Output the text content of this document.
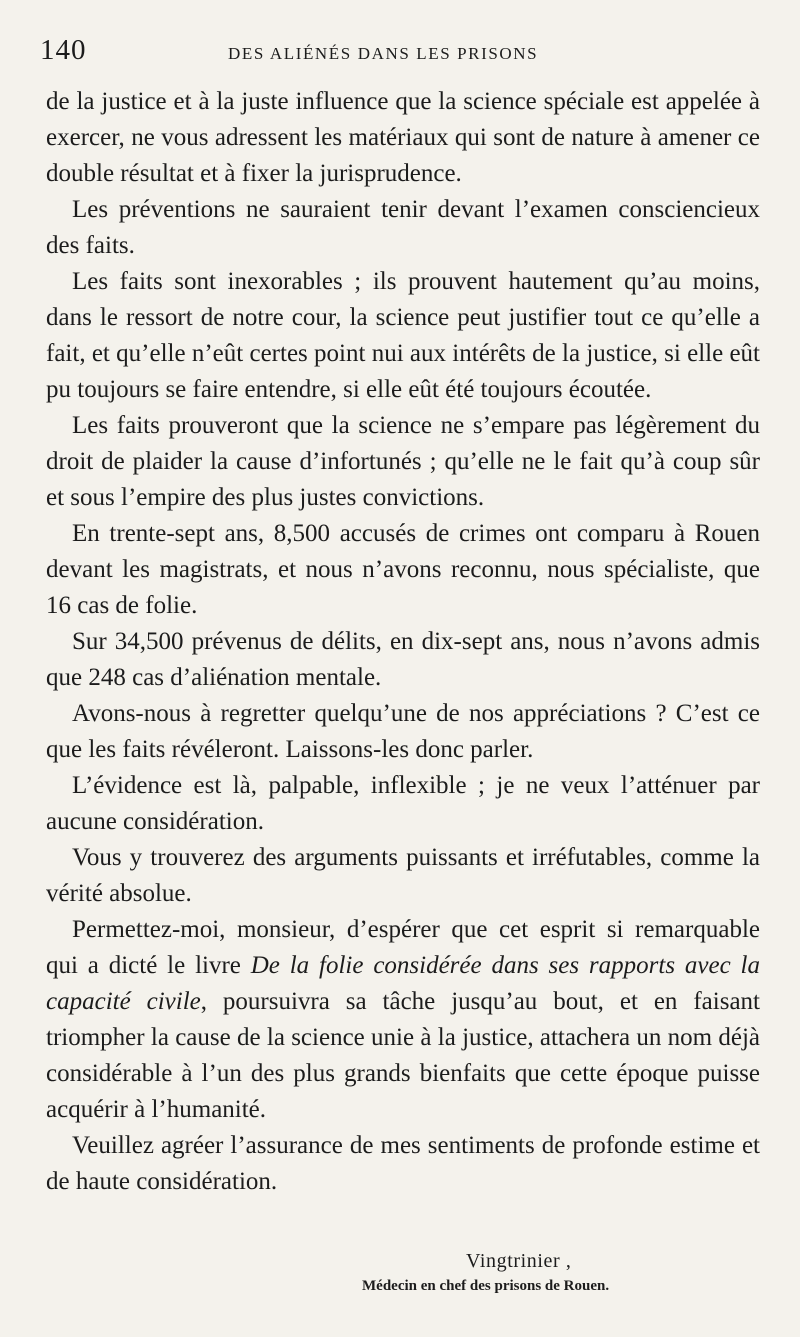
140	DES ALIÉNÉS DANS LES PRISONS

de la justice et à la juste influence que la science spéciale est appelée à exercer, ne vous adressent les matériaux qui sont de nature à amener ce double résultat et à fixer la jurisprudence.

Les préventions ne sauraient tenir devant l’examen consciencieux des faits.

Les faits sont inexorables ; ils prouvent hautement qu’au moins, dans le ressort de notre cour, la science peut justifier tout ce qu’elle a fait, et qu’elle n’eût certes point nui aux intérêts de la justice, si elle eût pu toujours se faire entendre, si elle eût été toujours écoutée.

Les faits prouveront que la science ne s’empare pas légèrement du droit de plaider la cause d’infortunés ; qu’elle ne le fait qu’à coup sûr et sous l’empire des plus justes convictions.

En trente-sept ans, 8,500 accusés de crimes ont comparu à Rouen devant les magistrats, et nous n’avons reconnu, nous spécialiste, que 16 cas de folie.

Sur 34,500 prévenus de délits, en dix-sept ans, nous n’avons admis que 248 cas d’aliénation mentale.

Avons-nous à regretter quelqu’une de nos appréciations ? C’est ce que les faits révéleront. Laissons-les donc parler.

L’évidence est là, palpable, inflexible ; je ne veux l’atténuer par aucune considération.

Vous y trouverez des arguments puissants et irréfutables, comme la vérité absolue.

Permettez-moi, monsieur, d’espérer que cet esprit si remarquable qui a dicté le livre De la folie considérée dans ses rapports avec la capacité civile, poursuivra sa tâche jusqu’au bout, et en faisant triompher la cause de la science unie à la justice, attachera un nom déjà considérable à l’un des plus grands bienfaits que cette époque puisse acquérir à l’humanité.

Veuillez agréer l’assurance de mes sentiments de profonde estime et de haute considération.

Vingtrinier ,
Médecin en chef des prisons de Rouen.
